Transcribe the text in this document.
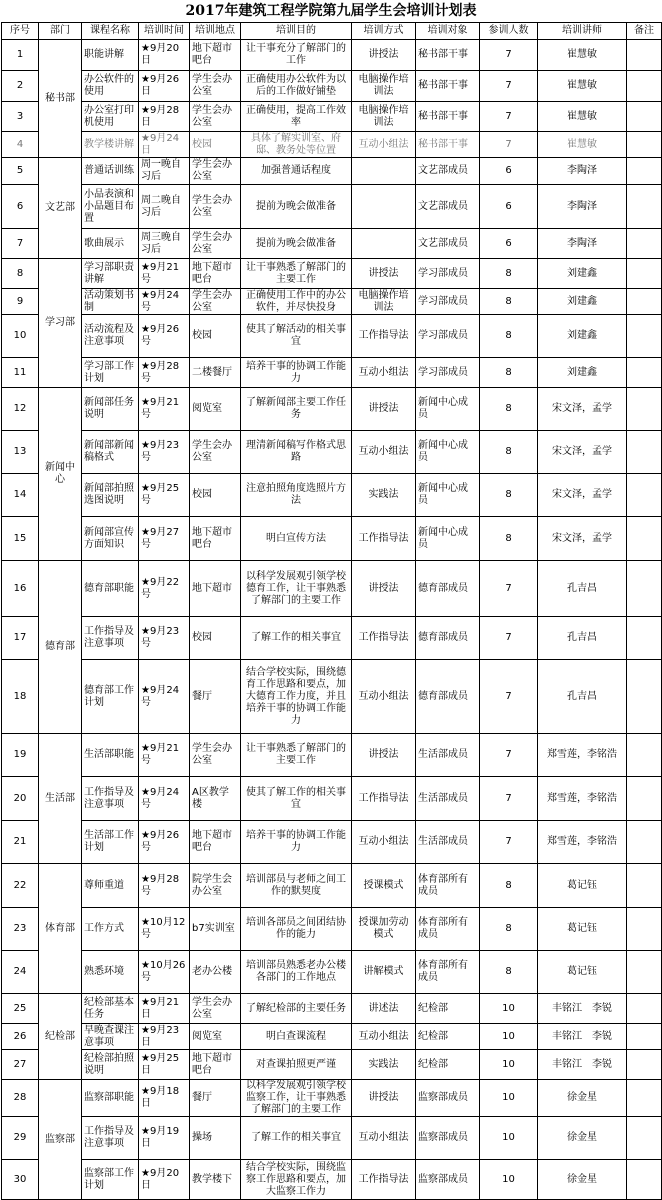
2017年建筑工程学院第九届学生会培训计划表
序号	部门	课程名称	培训时间	培训地点	培训目的	培训方式	培训对象	参训人数	培训讲师	备注
1	秘书部	职能讲解	★9月20日	地下超市吧台	让干事充分了解部门的工作	讲授法	秘书部干事	7	崔慧敏	
2		办公软件的使用	★9月26日	学生会办公室	正确使用办公软件为以后的工作做好铺垫	电脑操作培训法	秘书部干事	7	崔慧敏	
3		办公室打印机使用	★9月28日	学生会办公室	正确使用，提高工作效率	电脑操作培训法	秘书部干事	7	崔慧敏	
4		教学楼讲解	★9月24日	校园	具体了解实训室、府邸、教务处等位置	互动小组法	秘书部干事	7	崔慧敏	
5	文艺部	普通话训练	周一晚自习后	学生会办公室	加强普通话程度		文艺部成员	6	李陶泽	
6		小品表演和小品题目布置	周二晚自习后	学生会办公室	提前为晚会做准备		文艺部成员	6	李陶泽	
7		歌曲展示	周三晚自习后	学生会办公室	提前为晚会做准备		文艺部成员	6	李陶泽	
8	学习部	学习部职责讲解	★9月21号	地下超市吧台	让干事熟悉了解部门的主要工作	讲授法	学习部成员	8	刘建鑫	
9		活动策划书制	★9月24号	学生会办公室	正确使用工作中的办公软件，并尽快投身	电脑操作培训法	学习部成员	8	刘建鑫	
10		活动流程及注意事项	★9月26号	校园	使其了解活动的相关事宜	工作指导法	学习部成员	8	刘建鑫	
11		学习部工作计划	★9月28号	二楼餐厅	培养干事的协调工作能力	互动小组法	学习部成员	8	刘建鑫	
12	新闻中心	新闻部任务说明	★9月21号	阅览室	了解新闻部主要工作任务	讲授法	新闻中心成员	8	宋文泽，孟学	
13		新闻部新闻稿格式	★9月23号	学生会办公室	理清新闻稿写作格式思路	互动小组法	新闻中心成员	8	宋文泽，孟学	
14		新闻部拍照选图说明	★9月25号	校园	注意拍照角度选照片方法	实践法	新闻中心成员	8	宋文泽，孟学	
15		新闻部宣传方面知识	★9月27号	地下超市吧台	明白宣传方法	工作指导法	新闻中心成员	8	宋文泽，孟学	
16	德育部	德育部职能	★9月22号	地下超市	以科学发展观引领学校德育工作，让干事熟悉了解部门的主要工作	讲授法	德育部成员	7	孔吉昌	
17		工作指导及注意事项	★9月23号	校园	了解工作的相关事宜	工作指导法	德育部成员	7	孔吉昌	
18		德育部工作计划	★9月24号	餐厅	结合学校实际，围绕德育工作思路和要点，加大德育工作力度，并且培养干事的协调工作能力	互动小组法	德育部成员	7	孔吉昌	
19	生活部	生活部职能	★9月21号	学生会办公室	让干事熟悉了解部门的主要工作	讲授法	生活部成员	7	郑雪莲，李铭浩	
20		工作指导及注意事项	★9月24号	A区教学楼	使其了解工作的相关事宜	工作指导法	生活部成员	7	郑雪莲，李铭浩	
21		生活部工作计划	★9月26号	地下超市吧台	培养干事的协调工作能力	互动小组法	生活部成员	7	郑雪莲，李铭浩	
22	体育部	尊师重道	★9月28号	院学生会办公室	培训部员与老师之间工作的默契度	授课模式	体育部所有成员	8	葛记钰	
23		工作方式	★10月12号	b7实训室	培训各部员之间团结协作的能力	授课加劳动模式	体育部所有成员	8	葛记钰	
24		熟悉环境	★10月26号	老办公楼	培训部员熟悉老办公楼各部门的工作地点	讲解模式	体育部所有成员	8	葛记钰	
25	纪检部	纪检部基本任务	★9月21日	学生会办公室	了解纪检部的主要任务	讲述法	纪检部	10	丰铭江　李锐	
26		早晚查课注意事项	★9月23日	阅览室	明白查课流程	互动小组法	纪检部	10	丰铭江　李锐	
27		纪检部拍照说明	★9月25日	地下超市吧台	对查课拍照更严谨	实践法	纪检部	10	丰铭江　李锐	
28	监察部	监察部职能	★9月18日	餐厅	以科学发展观引领学校监察工作，让干事熟悉了解部门的主要工作	讲授法	监察部成员	10	徐金星	
29		工作指导及注意事项	★9月19日	操场	了解工作的相关事宜	互动小组法	监察部成员	10	徐金星	
30		监察部工作计划	★9月20日	教学楼下	结合学校实际，围绕监察工作思路和要点，加大监察工作力	工作指导法	监察部成员	10	徐金星	
